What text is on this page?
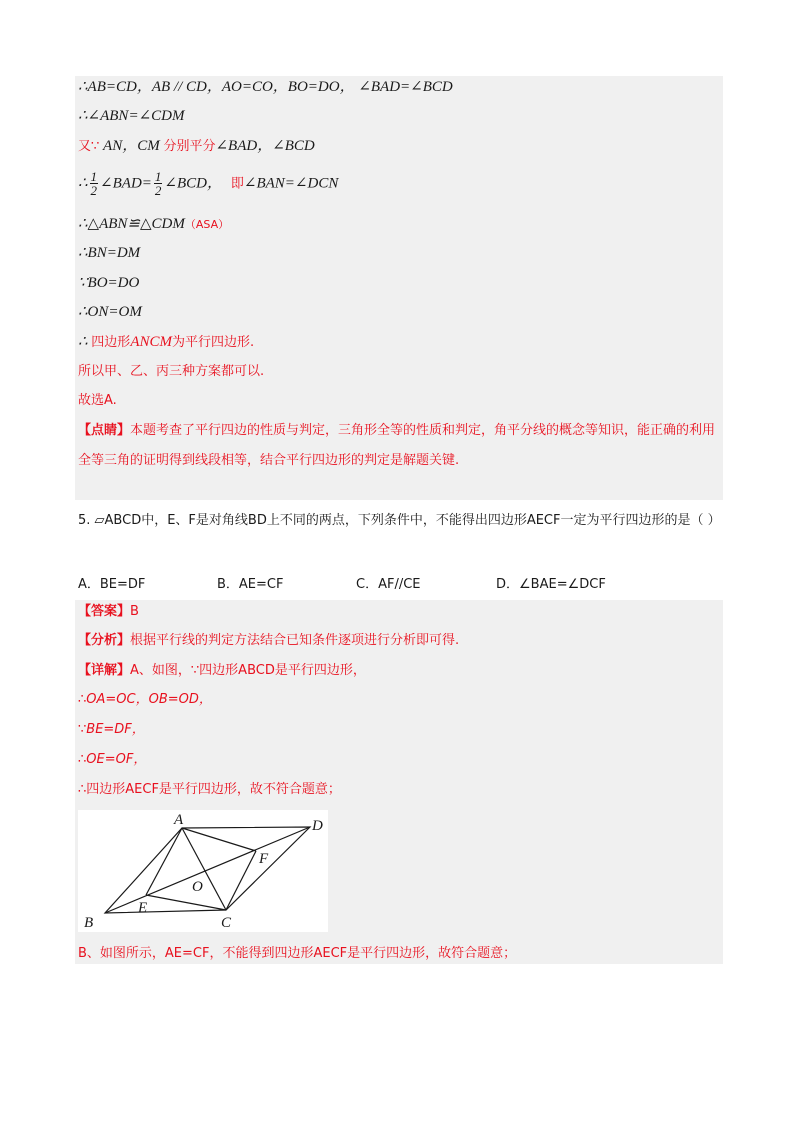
∴AB=CD，AB // CD，AO=CO，BO=DO， ∠BAD=∠BCD
∴∠ABN=∠CDM
又∵ AN，CM 分别平分∠BAD，∠BCD
∴ $\frac{1}{2}$ ∠BAD= $\frac{1}{2}$ ∠BCD， 即∠BAN=∠DCN
∴△ABN≌△CDM（ASA）
∴BN=DM
∵BO=DO
∴ON=OM
∴ 四边形ANCM为平行四边形.
所以甲、乙、丙三种方案都可以.
故选A.
【点睛】本题考查了平行四边的性质与判定，三角形全等的性质和判定，角平分线的概念等知识，能正确的利用全等三角的证明得到线段相等，结合平行四边形的判定是解题关键.
5. ▱ABCD中，E、F是对角线BD上不同的两点，下列条件中，不能得出四边形AECF一定为平行四边形的是（ ）
A．BE=DF	B．AE=CF	C．AF//CE	D．∠BAE=∠DCF
【答案】B
【分析】根据平行线的判定方法结合已知条件逐项进行分析即可得.
【详解】A、如图，∵四边形ABCD是平行四边形，
∴OA=OC，OB=OD，
∵BE=DF，
∴OE=OF，
∴四边形AECF是平行四边形，故不符合题意；
A	D
F
O
E
B	C
B、如图所示，AE=CF，不能得到四边形AECF是平行四边形，故符合题意；
